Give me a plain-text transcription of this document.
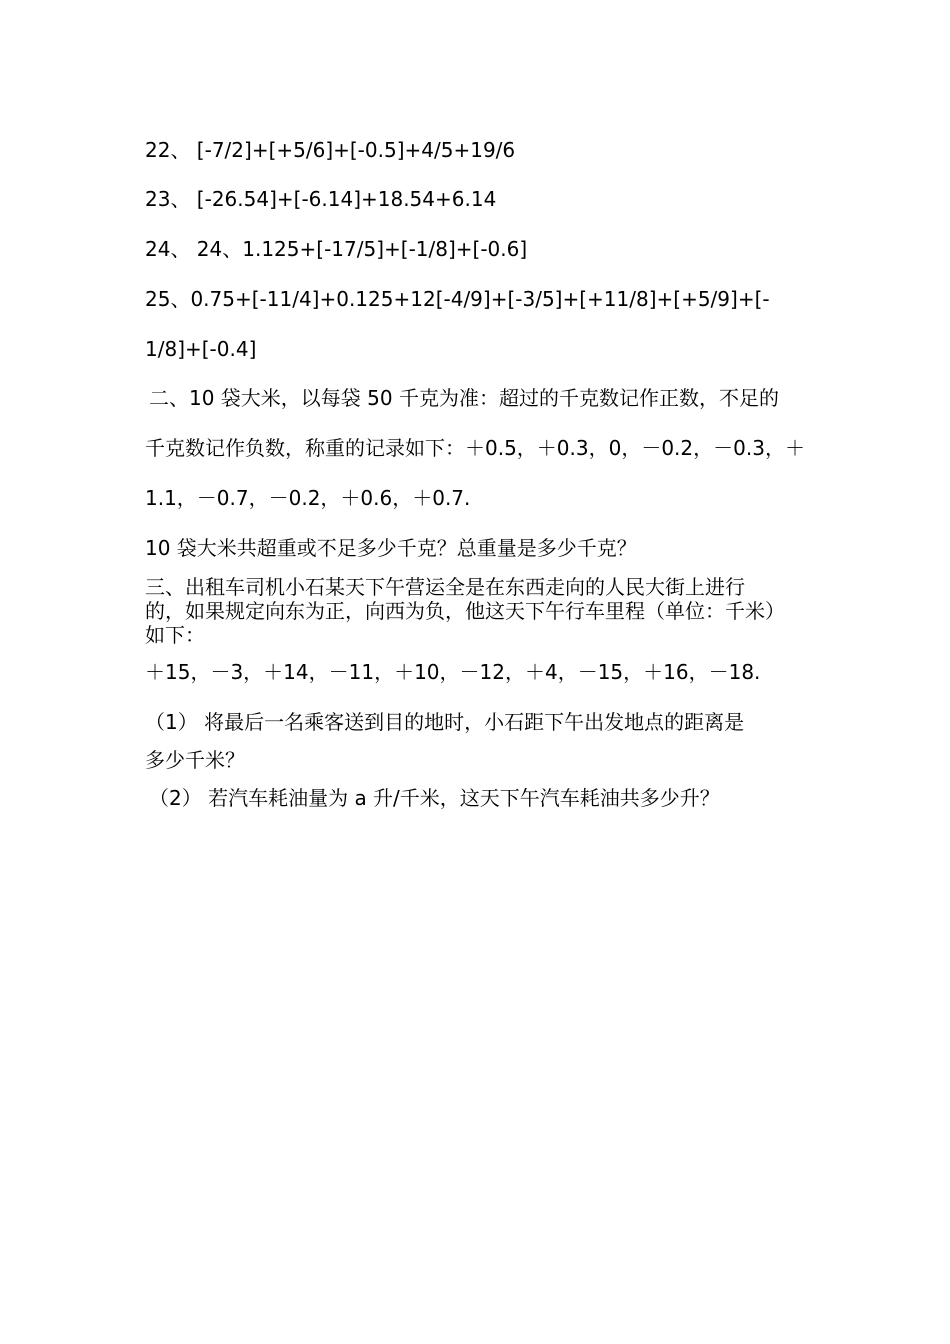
22、 [-7/2]+[+5/6]+[-0.5]+4/5+19/6
23、 [-26.54]+[-6.14]+18.54+6.14
24、 24、1.125+[-17/5]+[-1/8]+[-0.6]
25、0.75+[-11/4]+0.125+12[-4/9]+[-3/5]+[+11/8]+[+5/9]+[-
1/8]+[-0.4]
二、10 袋大米，以每袋 50 千克为准：超过的千克数记作正数，不足的
千克数记作负数，称重的记录如下：＋0.5，＋0.3，0，－0.2，－0.3，＋
1.1，－0.7，－0.2，＋0.6，＋0.7.
10 袋大米共超重或不足多少千克？总重量是多少千克？
三、出租车司机小石某天下午营运全是在东西走向的人民大街上进行
的，如果规定向东为正，向西为负，他这天下午行车里程（单位：千米）
如下：
＋15，－3，＋14，－11，＋10，－12，＋4，－15，＋16，－18.
（1） 将最后一名乘客送到目的地时，小石距下午出发地点的距离是
多少千米？
（2） 若汽车耗油量为 a 升/千米，这天下午汽车耗油共多少升？
